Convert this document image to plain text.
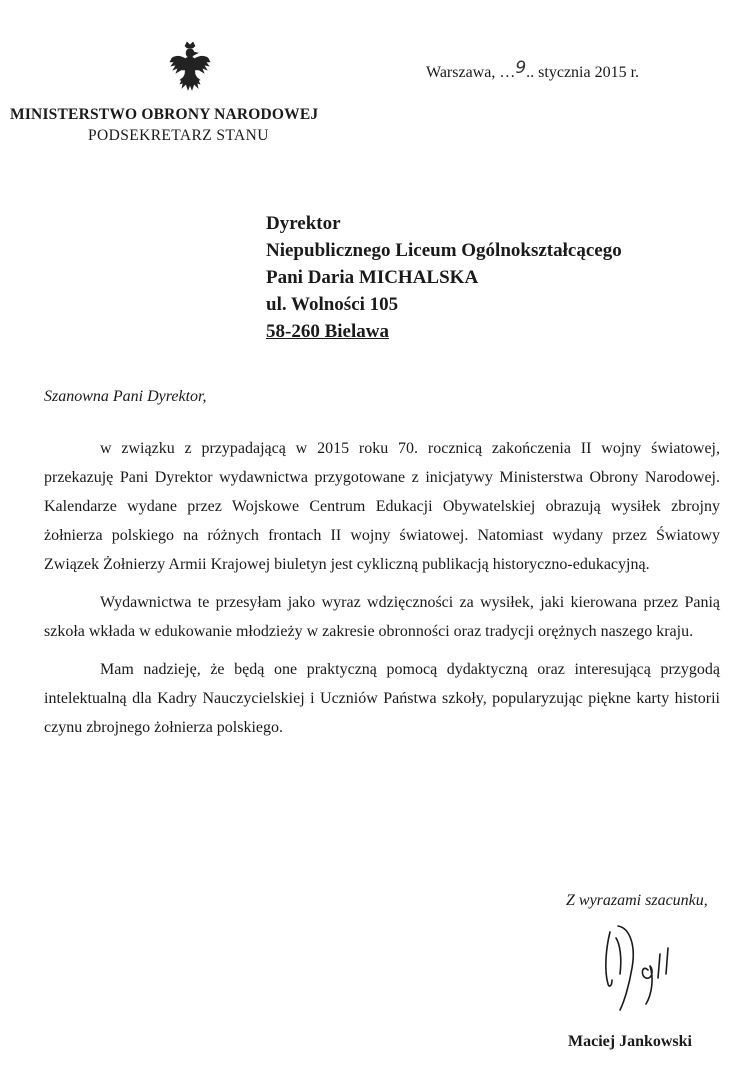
Warszawa, …9.. stycznia 2015 r.
MINISTERSTWO OBRONY NARODOWEJ
PODSEKRETARZ STANU
Dyrektor
Niepublicznego Liceum Ogólnokształcącego
Pani Daria MICHALSKA
ul. Wolności 105
58-260 Bielawa
Szanowna Pani Dyrektor,

w związku z przypadającą w 2015 roku 70. rocznicą zakończenia II wojny światowej, przekazuję Pani Dyrektor wydawnictwa przygotowane z inicjatywy Ministerstwa Obrony Narodowej. Kalendarze wydane przez Wojskowe Centrum Edukacji Obywatelskiej obrazują wysiłek zbrojny żołnierza polskiego na różnych frontach II wojny światowej. Natomiast wydany przez Światowy Związek Żołnierzy Armii Krajowej biuletyn jest cykliczną publikacją historyczno-edukacyjną.

Wydawnictwa te przesyłam jako wyraz wdzięczności za wysiłek, jaki kierowana przez Panią szkoła wkłada w edukowanie młodzieży w zakresie obronności oraz tradycji orężnych naszego kraju.

Mam nadzieję, że będą one praktyczną pomocą dydaktyczną oraz interesującą przygodą intelektualną dla Kadry Nauczycielskiej i Uczniów Państwa szkoły, popularyzując piękne karty historii czynu zbrojnego żołnierza polskiego.

Z wyrazami szacunku,
Maciej Jankowski
